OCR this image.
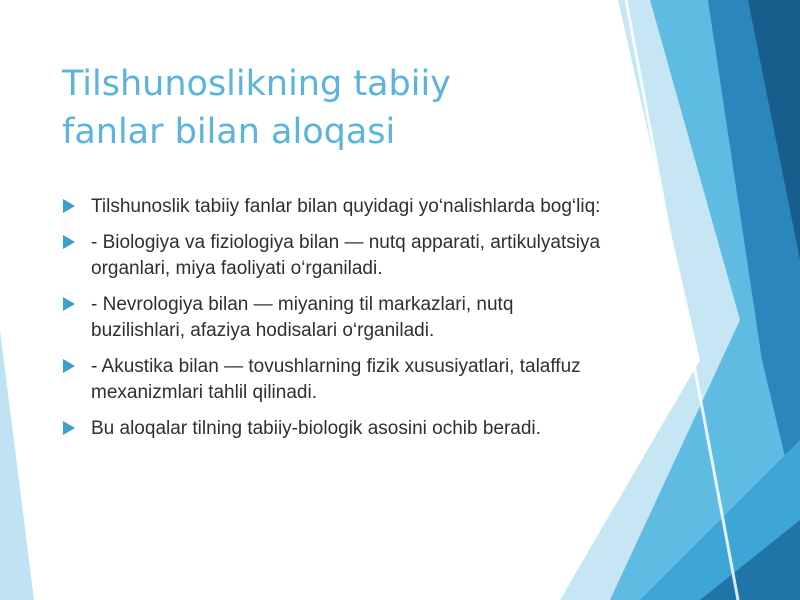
Tilshunoslikning tabiiy
fanlar bilan aloqasi
Tilshunoslik tabiiy fanlar bilan quyidagi yo‘nalishlarda bog‘liq:
- Biologiya va fiziologiya bilan — nutq apparati, artikulyatsiya organlari, miya faoliyati o‘rganiladi.
- Nevrologiya bilan — miyaning til markazlari, nutq buzilishlari, afaziya hodisalari o‘rganiladi.
- Akustika bilan — tovushlarning fizik xususiyatlari, talaffuz mexanizmlari tahlil qilinadi.
Bu aloqalar tilning tabiiy-biologik asosini ochib beradi.
